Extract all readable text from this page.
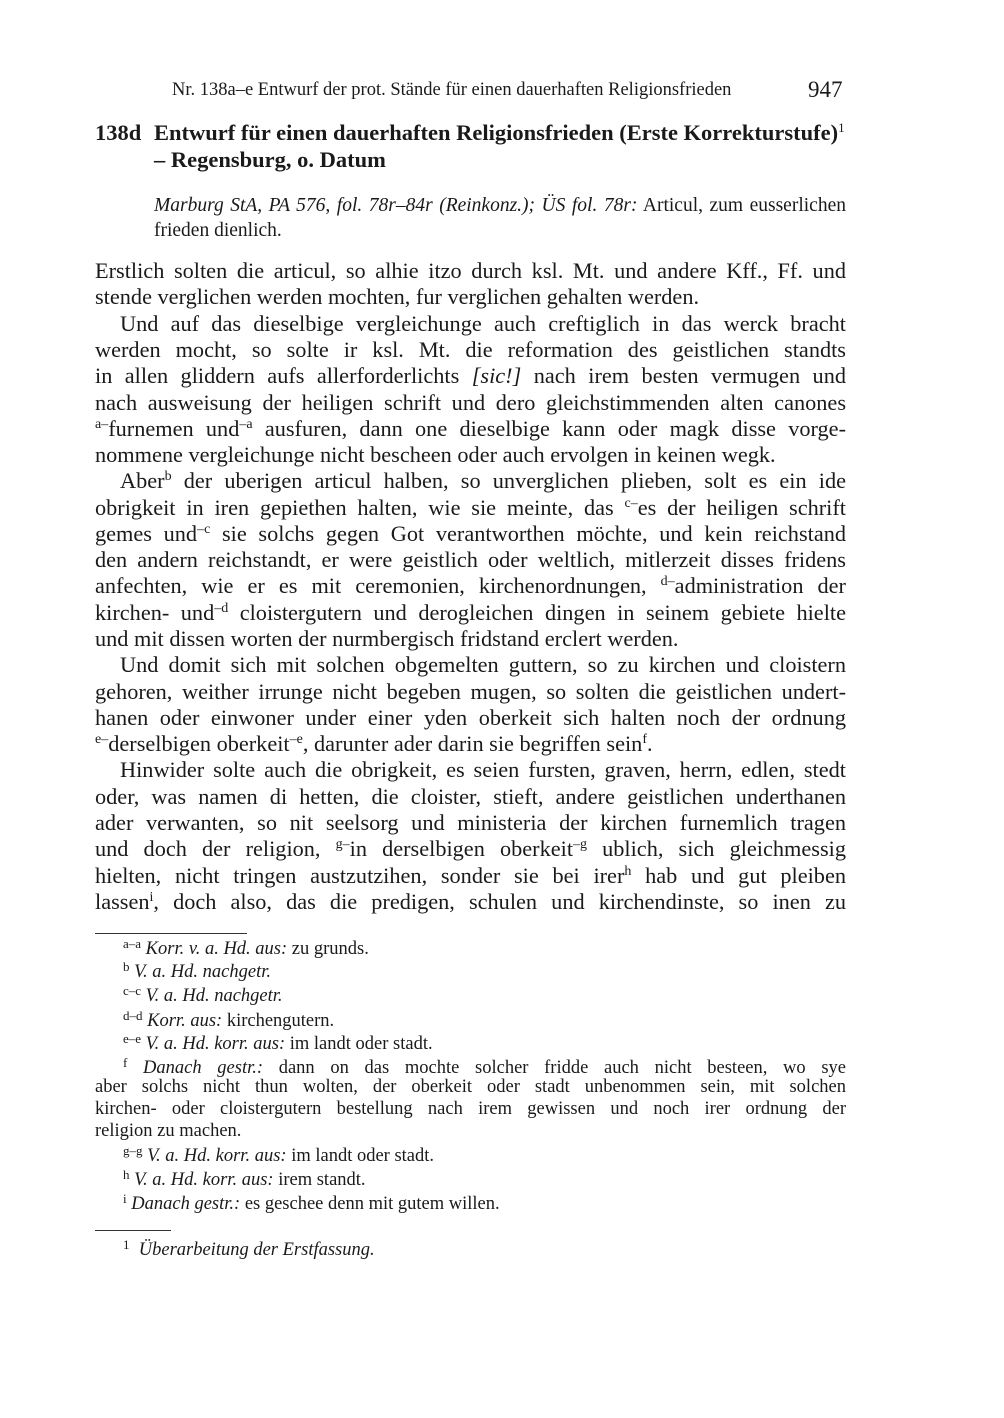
Nr. 138a–e Entwurf der prot. Stände für einen dauerhaften Religionsfrieden	947
138d Entwurf für einen dauerhaften Religionsfrieden (Erste Korrekturstufe)$^1$
– Regensburg, o. Datum
Marburg StA, PA 576, fol. 78r–84r (Reinkonz.); ÜS fol. 78r: Articul, zum eusserlichen frieden dienlich.
Erstlich solten die articul, so alhie itzo durch ksl. Mt. und andere Kff., Ff. und
stende verglichen werden mochten, fur verglichen gehalten werden.
Und auf das dieselbige vergleichunge auch creftiglich in das werck bracht
werden mocht, so solte ir ksl. Mt. die reformation des geistlichen standts
in allen gliddern aufs allerforderlichts [sic!] nach irem besten vermugen und
nach ausweisung der heiligen schrift und dero gleichstimmenden alten canones
$^{a-}$furnemen und$^{-a}$ ausfuren, dann one dieselbige kann oder magk disse vorge-
nommene vergleichunge nicht bescheen oder auch ervolgen in keinen wegk.
Aber$^b$ der uberigen articul halben, so unverglichen plieben, solt es ein ide
obrigkeit in iren gepiethen halten, wie sie meinte, das $^{c-}$es der heiligen schrift
gemes und$^{-c}$ sie solchs gegen Got verantworthen möchte, und kein reichstand
den andern reichstandt, er were geistlich oder weltlich, mitlerzeit disses fridens
anfechten, wie er es mit ceremonien, kirchenordnungen, $^{d-}$administration der
kirchen- und$^{-d}$ cloistergutern und derogleichen dingen in seinem gebiete hielte
und mit dissen worten der nurmbergisch fridstand erclert werden.
Und domit sich mit solchen obgemelten guttern, so zu kirchen und cloistern
gehoren, weither irrunge nicht begeben mugen, so solten die geistlichen undert-
hanen oder einwoner under einer yden oberkeit sich halten noch der ordnung
$^{e-}$derselbigen oberkeit$^{-e}$, darunter ader darin sie begriffen sein$^f$.
Hinwider solte auch die obrigkeit, es seien fursten, graven, herrn, edlen, stedt
oder, was namen di hetten, die cloister, stieft, andere geistlichen underthanen
ader verwanten, so nit seelsorg und ministeria der kirchen furnemlich tragen
und doch der religion, $^{g-}$in derselbigen oberkeit$^{-g}$ ublich, sich gleichmessig
hielten, nicht tringen austzutzihen, sonder sie bei irer$^h$ hab und gut pleiben
lassen$^i$, doch also, das die predigen, schulen und kirchendinste, so inen zu
a–a Korr. v. a. Hd. aus: zu grunds.
b V. a. Hd. nachgetr.
c–c V. a. Hd. nachgetr.
d–d Korr. aus: kirchengutern.
e–e V. a. Hd. korr. aus: im landt oder stadt.
f Danach gestr.: dann on das mochte solcher fridde auch nicht besteen, wo sye
aber solchs nicht thun wolten, der oberkeit oder stadt unbenommen sein, mit solchen
kirchen- oder cloistergutern bestellung nach irem gewissen und noch irer ordnung der
religion zu machen.
g–g V. a. Hd. korr. aus: im landt oder stadt.
h V. a. Hd. korr. aus: irem standt.
i Danach gestr.: es geschee denn mit gutem willen.
1 Überarbeitung der Erstfassung.
